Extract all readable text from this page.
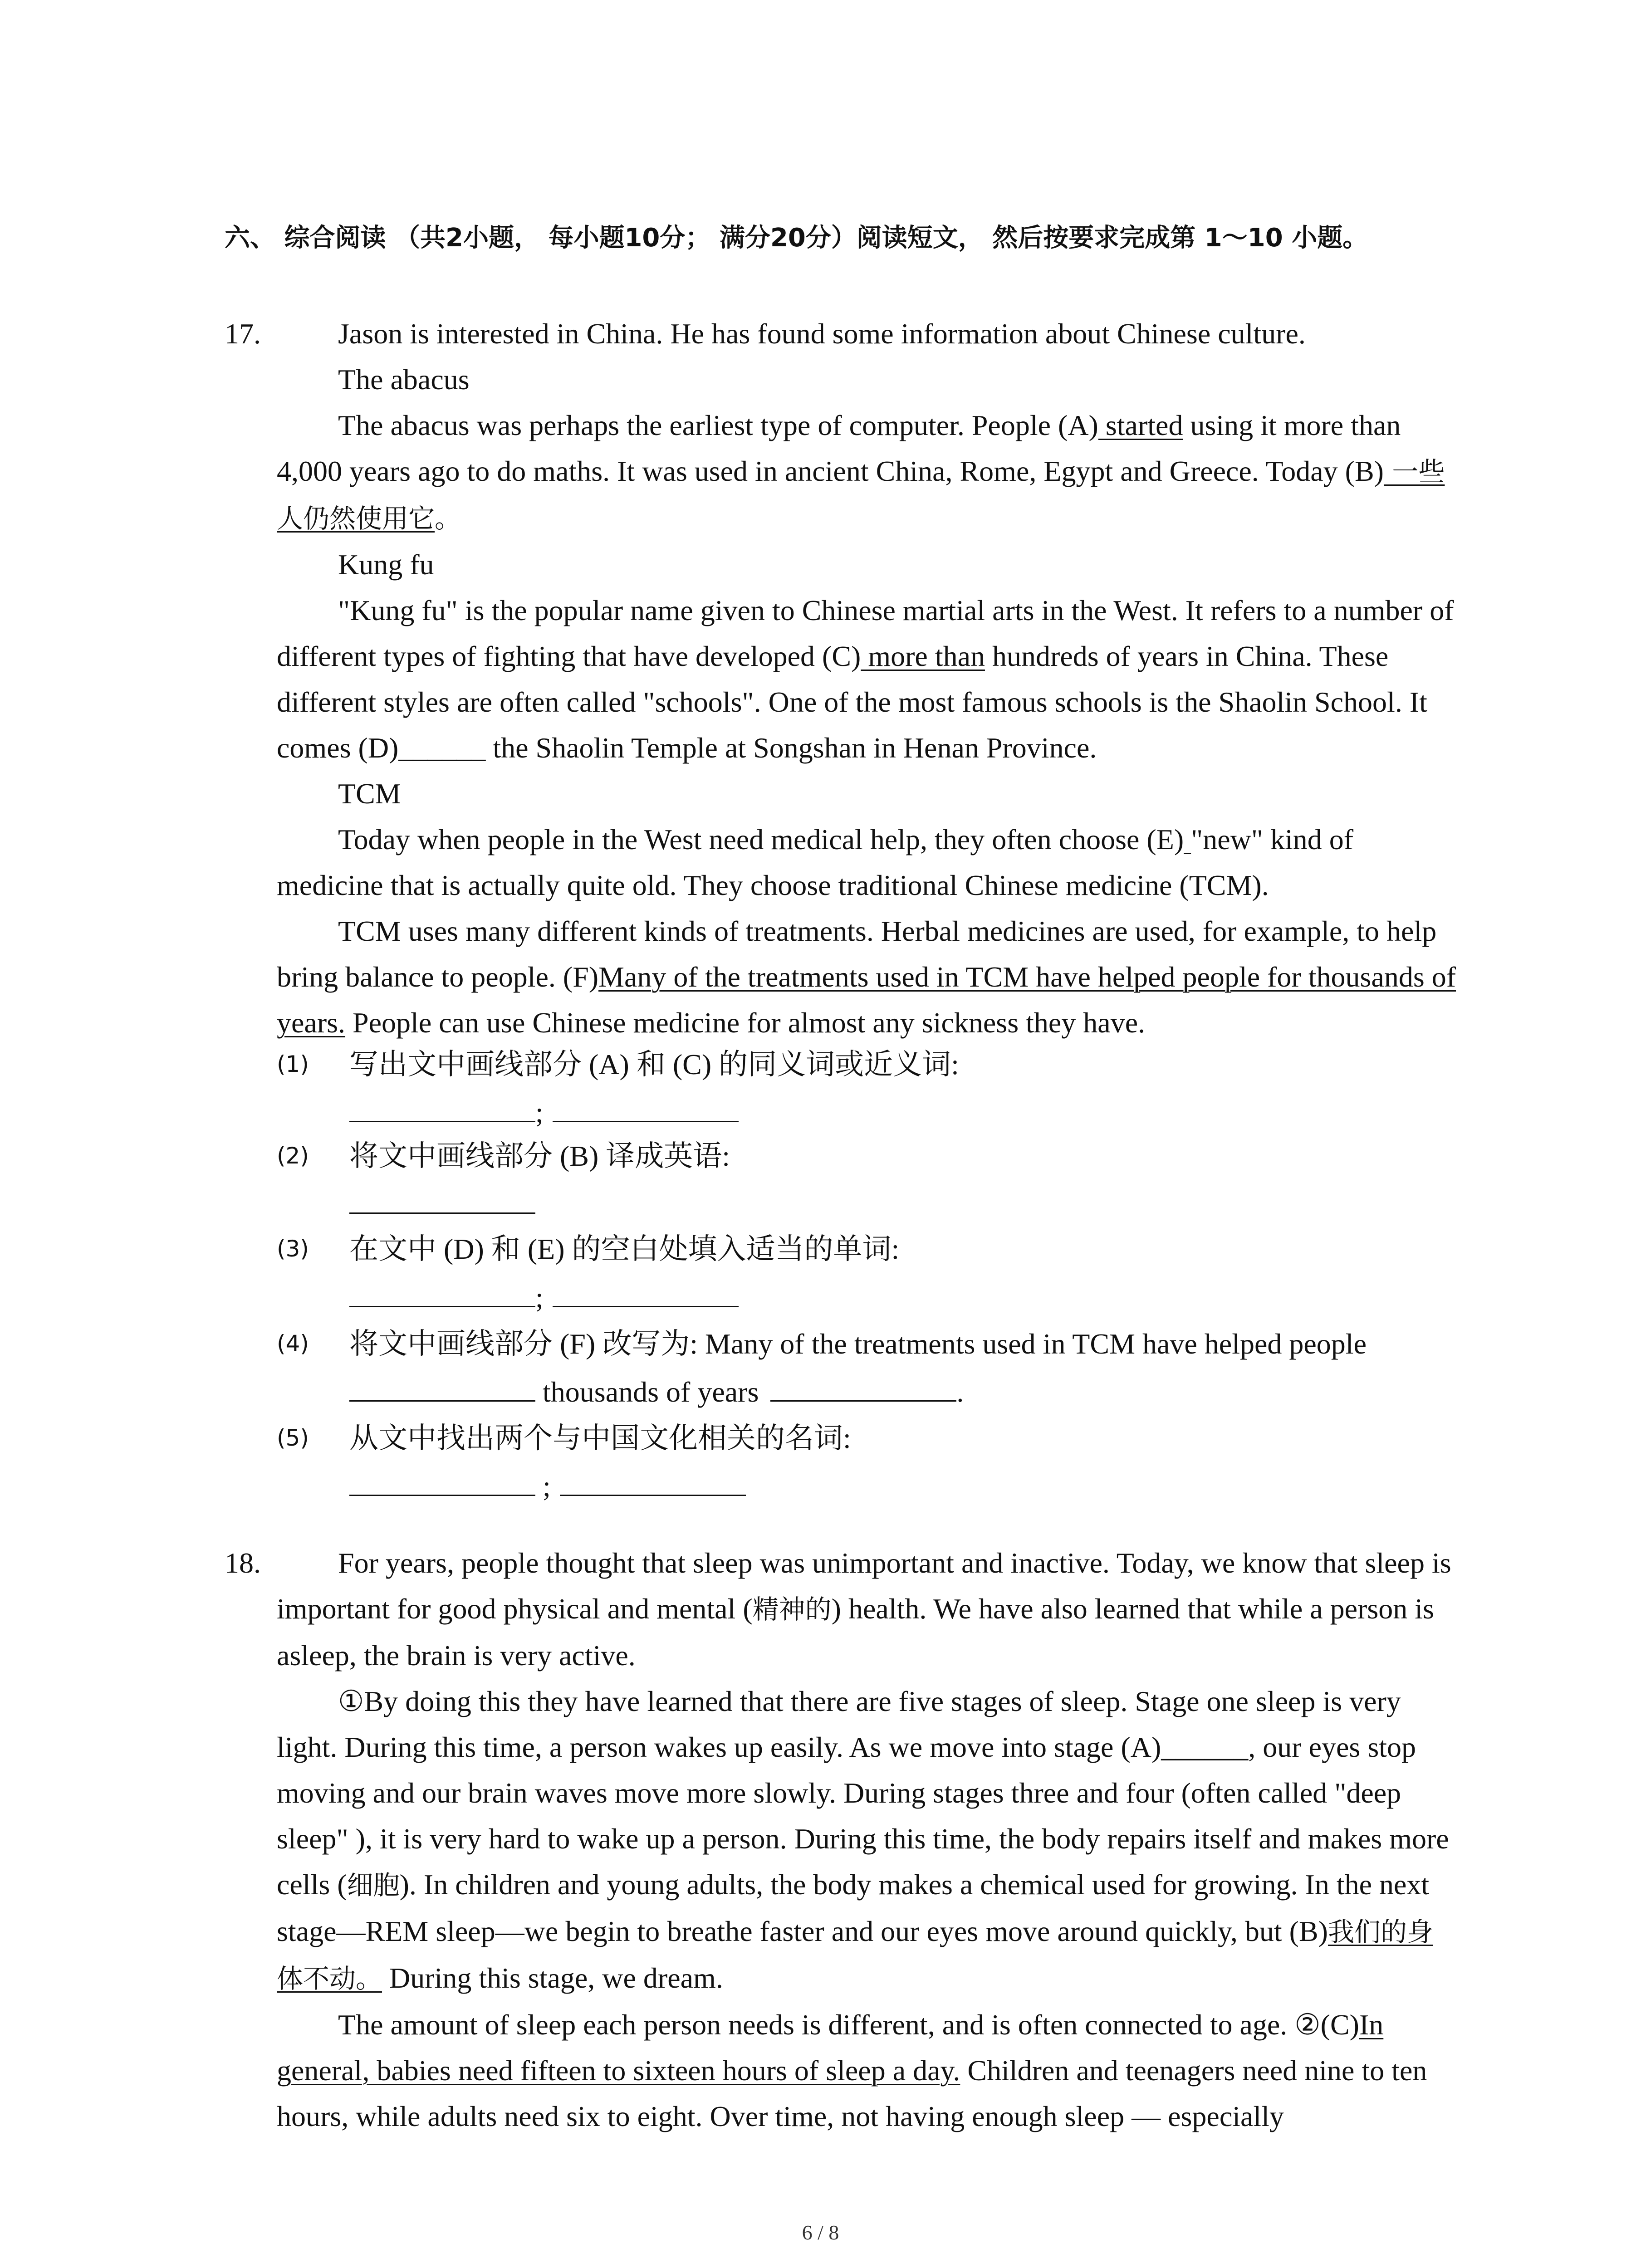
六、 综合阅读 （共2小题， 每小题10分； 满分20分）阅读短文， 然后按要求完成第 1～10 小题。
17.	Jason is interested in China. He has found some information about Chinese culture.

The abacus

The abacus was perhaps the earliest type of computer. People (A) started using it more than 4,000 years ago to do maths. It was used in ancient China, Rome, Egypt and Greece. Today (B) 一些人仍然使用它。

Kung fu

"Kung fu" is the popular name given to Chinese martial arts in the West. It refers to a number of different types of fighting that have developed (C) more than hundreds of years in China. These different styles are often called "schools". One of the most famous schools is the Shaolin School. It comes (D)______ the Shaolin Temple at Songshan in Henan Province.

TCM

Today when people in the West need medical help, they often choose (E) "new" kind of medicine that is actually quite old. They choose traditional Chinese medicine (TCM).

TCM uses many different kinds of treatments. Herbal medicines are used, for example, to help bring balance to people. (F)Many of the treatments used in TCM have helped people for thousands of years. People can use Chinese medicine for almost any sickness they have.

(1) 写出文中画线部分 (A) 和 (C) 的同义词或近义词:
;
(2) 将文中画线部分 (B) 译成英语:
(3) 在文中 (D) 和 (E) 的空白处填入适当的单词:
;
(4) 将文中画线部分 (F) 改写为: Many of the treatments used in TCM have helped people
thousands of years	.
(5) 从文中找出两个与中国文化相关的名词:
;
18.	For years, people thought that sleep was unimportant and inactive. Today, we know that sleep is important for good physical and mental (精神的) health. We have also learned that while a person is asleep, the brain is very active.

①By doing this they have learned that there are five stages of sleep. Stage one sleep is very light. During this time, a person wakes up easily. As we move into stage (A)______, our eyes stop moving and our brain waves move more slowly. During stages three and four (often called "deep sleep" ), it is very hard to wake up a person. During this time, the body repairs itself and makes more cells (细胞). In children and young adults, the body makes a chemical used for growing. In the next stage—REM sleep—we begin to breathe faster and our eyes move around quickly, but (B)我们的身体不动。 During this stage, we dream.

The amount of sleep each person needs is different, and is often connected to age. ②(C)In general, babies need fifteen to sixteen hours of sleep a day. Children and teenagers need nine to ten hours, while adults need six to eight. Over time, not having enough sleep — especially

6 / 8
